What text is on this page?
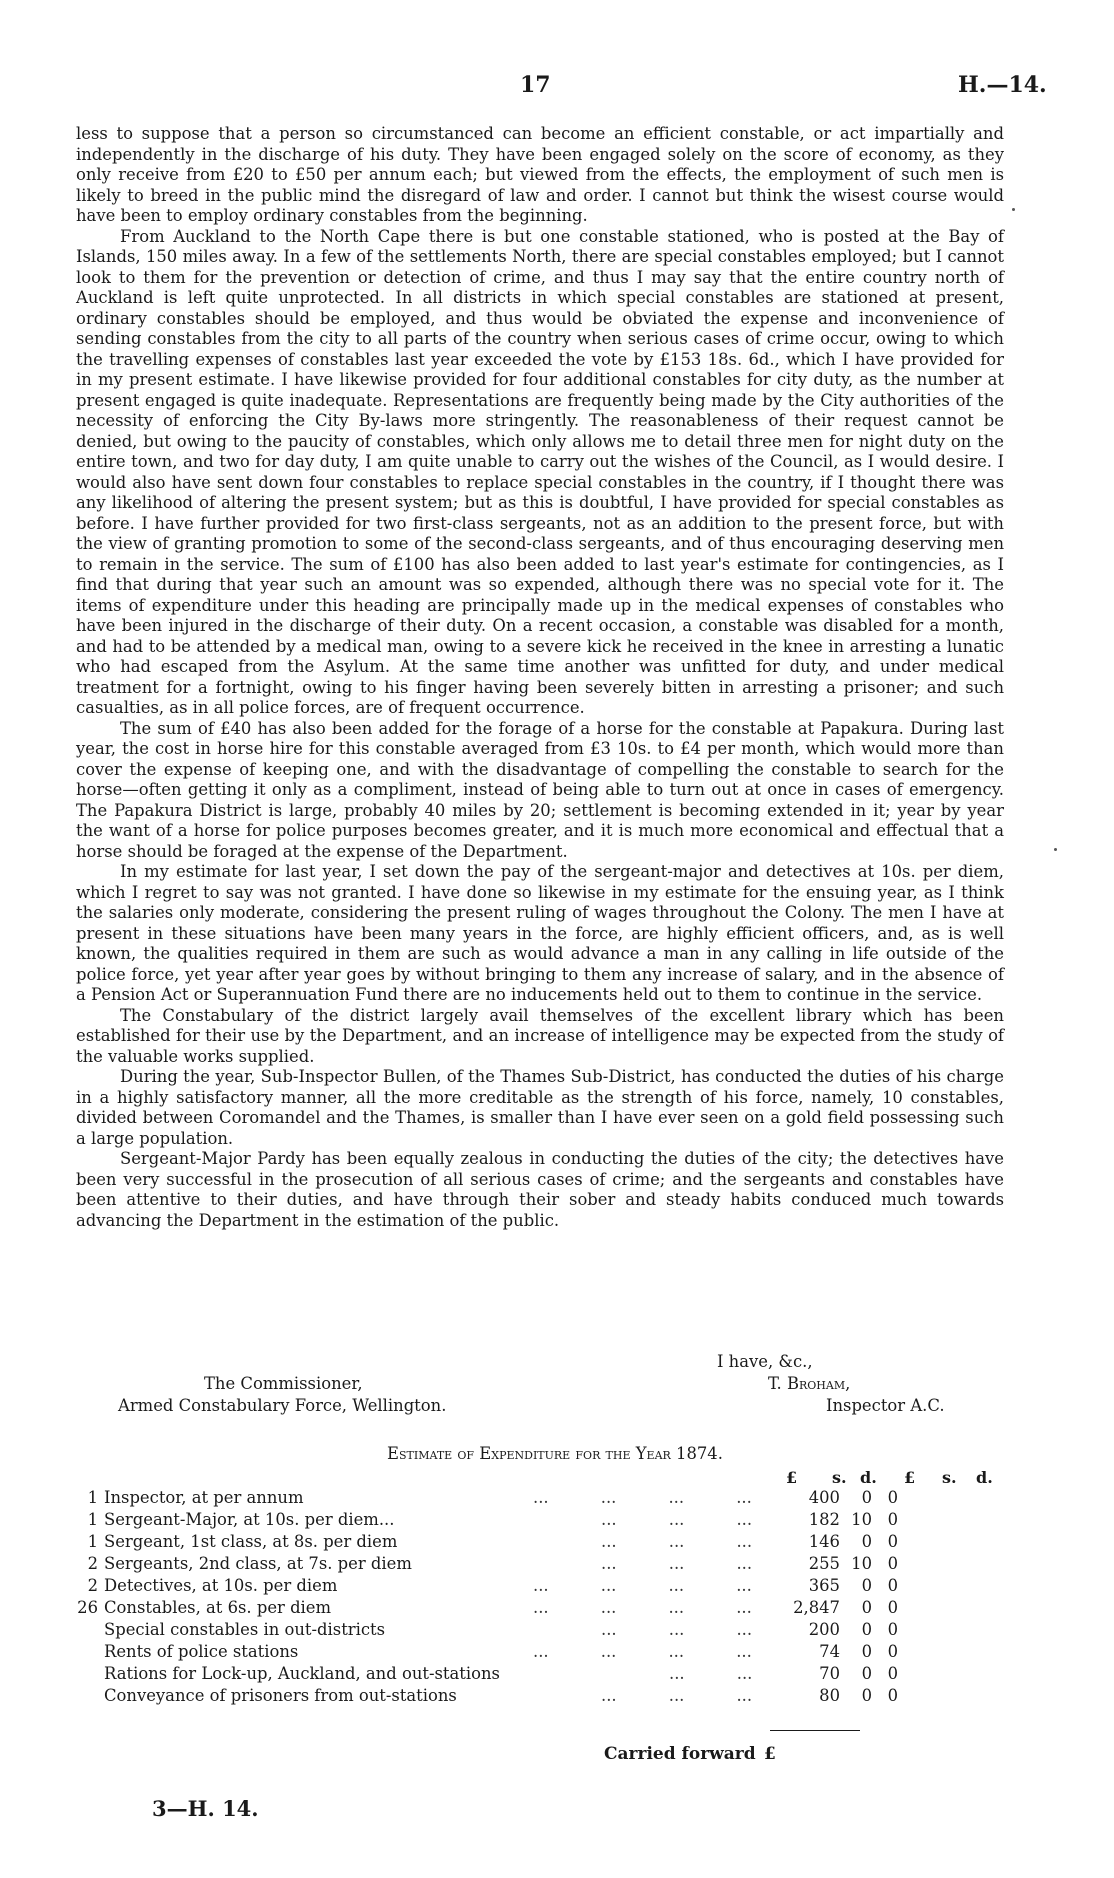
17	H.—14.

less to suppose that a person so circumstanced can become an efficient constable, or act impartially and independently in the discharge of his duty. They have been engaged solely on the score of economy, as they only receive from £20 to £50 per annum each; but viewed from the effects, the employment of such men is likely to breed in the public mind the disregard of law and order. I cannot but think the wisest course would have been to employ ordinary constables from the beginning.

From Auckland to the North Cape there is but one constable stationed, who is posted at the Bay of Islands, 150 miles away. In a few of the settlements North, there are special constables employed; but I cannot look to them for the prevention or detection of crime, and thus I may say that the entire country north of Auckland is left quite unprotected. In all districts in which special constables are stationed at present, ordinary constables should be employed, and thus would be obviated the expense and inconvenience of sending constables from the city to all parts of the country when serious cases of crime occur, owing to which the travelling expenses of constables last year exceeded the vote by £153 18s. 6d., which I have provided for in my present estimate. I have likewise provided for four additional constables for city duty, as the number at present engaged is quite inadequate. Representations are frequently being made by the City authorities of the necessity of enforcing the City By-laws more stringently. The reasonableness of their request cannot be denied, but owing to the paucity of constables, which only allows me to detail three men for night duty on the entire town, and two for day duty, I am quite unable to carry out the wishes of the Council, as I would desire. I would also have sent down four constables to replace special constables in the country, if I thought there was any likelihood of altering the present system; but as this is doubtful, I have provided for special constables as before. I have further provided for two first-class sergeants, not as an addition to the present force, but with the view of granting promotion to some of the second-class sergeants, and of thus encouraging deserving men to remain in the service. The sum of £100 has also been added to last year's estimate for contingencies, as I find that during that year such an amount was so expended, although there was no special vote for it. The items of expenditure under this heading are principally made up in the medical expenses of constables who have been injured in the discharge of their duty. On a recent occasion, a constable was disabled for a month, and had to be attended by a medical man, owing to a severe kick he received in the knee in arresting a lunatic who had escaped from the Asylum. At the same time another was unfitted for duty, and under medical treatment for a fortnight, owing to his finger having been severely bitten in arresting a prisoner; and such casualties, as in all police forces, are of frequent occurrence.

The sum of £40 has also been added for the forage of a horse for the constable at Papakura. During last year, the cost in horse hire for this constable averaged from £3 10s. to £4 per month, which would more than cover the expense of keeping one, and with the disadvantage of compelling the constable to search for the horse—often getting it only as a compliment, instead of being able to turn out at once in cases of emergency. The Papakura District is large, probably 40 miles by 20; settlement is becoming extended in it; year by year the want of a horse for police purposes becomes greater, and it is much more economical and effectual that a horse should be foraged at the expense of the Department.

In my estimate for last year, I set down the pay of the sergeant-major and detectives at 10s. per diem, which I regret to say was not granted. I have done so likewise in my estimate for the ensuing year, as I think the salaries only moderate, considering the present ruling of wages throughout the Colony. The men I have at present in these situations have been many years in the force, are highly efficient officers, and, as is well known, the qualities required in them are such as would advance a man in any calling in life outside of the police force, yet year after year goes by without bringing to them any increase of salary, and in the absence of a Pension Act or Superannuation Fund there are no inducements held out to them to continue in the service.

The Constabulary of the district largely avail themselves of the excellent library which has been established for their use by the Department, and an increase of intelligence may be expected from the study of the valuable works supplied.

During the year, Sub-Inspector Bullen, of the Thames Sub-District, has conducted the duties of his charge in a highly satisfactory manner, all the more creditable as the strength of his force, namely, 10 constables, divided between Coromandel and the Thames, is smaller than I have ever seen on a gold field possessing such a large population.

Sergeant-Major Pardy has been equally zealous in conducting the duties of the city; the detectives have been very successful in the prosecution of all serious cases of crime; and the sergeants and constables have been attentive to their duties, and have through their sober and steady habits conduced much towards advancing the Department in the estimation of the public.

I have, &c.,
The Commissioner,	T. Broham,
Armed Constabulary Force, Wellington.	Inspector A.C.
Estimate of Expenditure for the Year 1874.
£ s. d. £ s. d.
1 Inspector, at per annum	400	0 0
...          ...          ...          ...
1 Sergeant-Major, at 10s. per diem...	182 10 0
...          ...          ...
1 Sergeant, 1st class, at 8s. per diem	146	0 0
...          ...          ...
2 Sergeants, 2nd class, at 7s. per diem	255 10 0
...          ...          ...
2 Detectives, at 10s. per diem	365	0 0
...          ...          ...          ...
26 Constables, at 6s. per diem	2,847	0 0
...          ...          ...          ...
Special constables in out-districts	200	0 0
...          ...          ...
Rents of police stations	74	0 0
...          ...          ...          ...
Rations for Lock-up, Auckland, and out-stations	70	0 0
...          ...
Conveyance of prisoners from out-stations	80	0 0
...          ...          ...
Carried forward £
3—H. 14.
